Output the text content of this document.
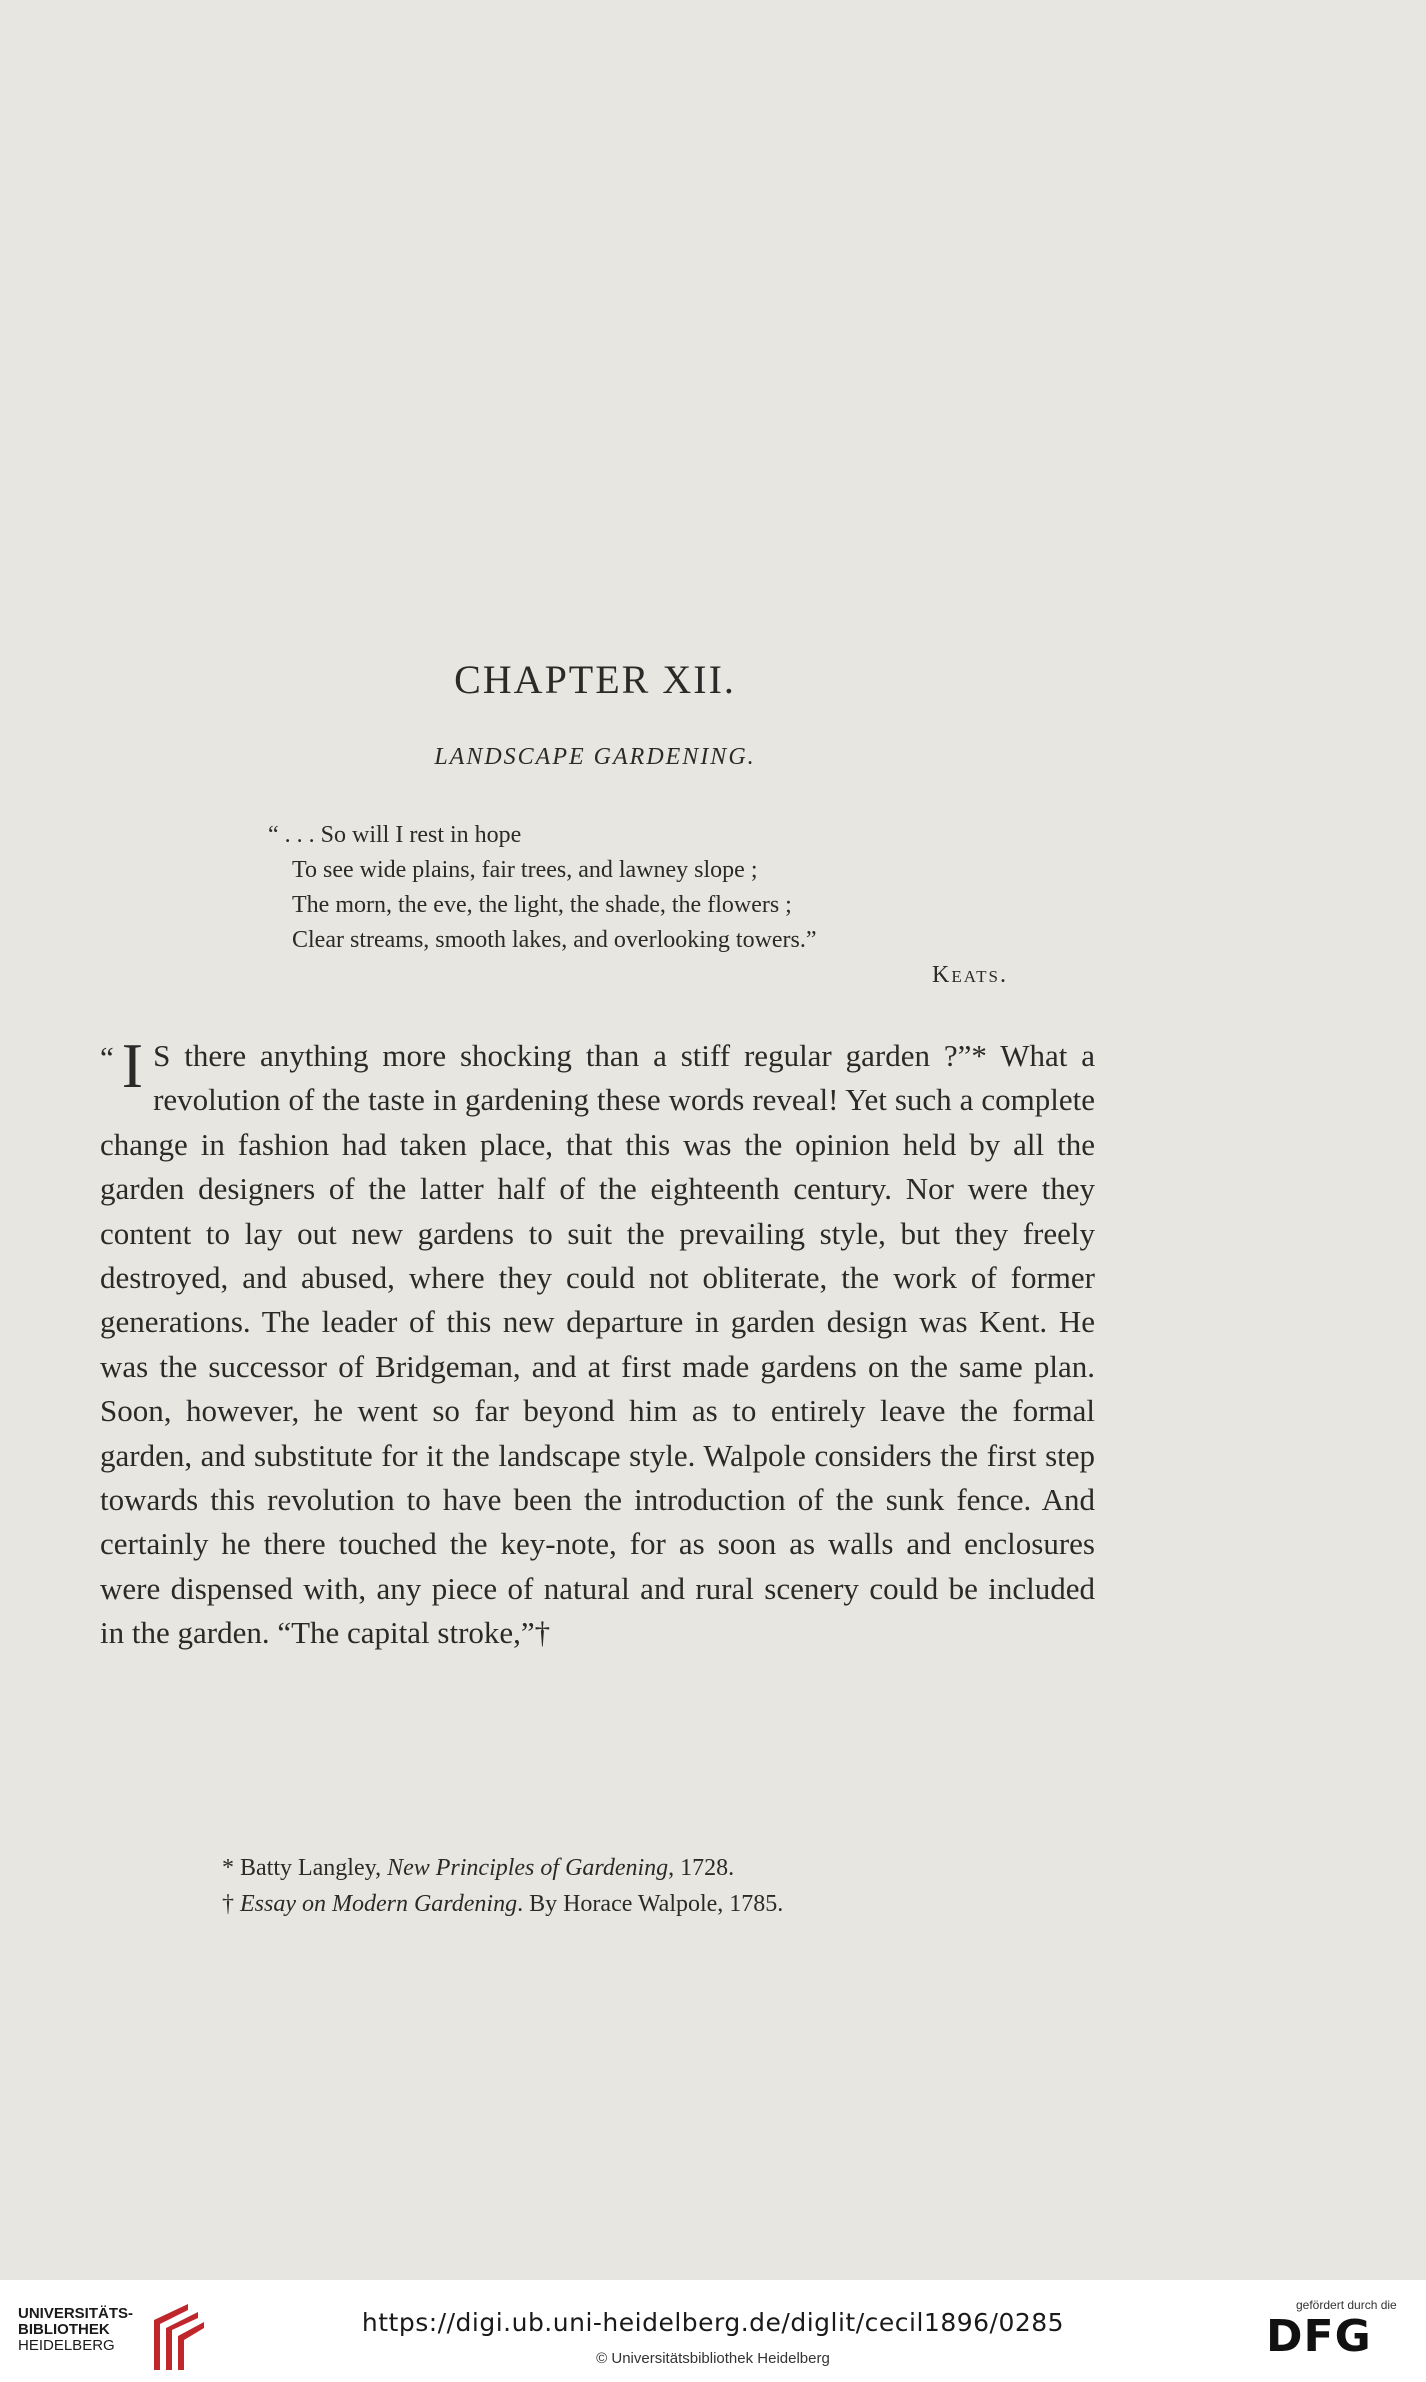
CHAPTER XII.
LANDSCAPE GARDENING.
“ . . . So will I rest in hope
To see wide plains, fair trees, and lawney slope ;
The morn, the eve, the light, the shade, the flowers ;
Clear streams, smooth lakes, and overlooking towers.”
Keats.

“ I S there anything more shocking than a stiff regular garden ?”* What a revolution of the taste in gardening these words reveal! Yet such a complete change in fashion had taken place, that this was the opinion held by all the garden designers of the latter half of the eighteenth century. Nor were they content to lay out new gardens to suit the prevailing style, but they freely destroyed, and abused, where they could not obliterate, the work of former generations. The leader of this new departure in garden design was Kent. He was the successor of Bridgeman, and at first made gardens on the same plan. Soon, however, he went so far beyond him as to entirely leave the formal garden, and substitute for it the landscape style. Walpole considers the first step towards this revolution to have been the introduction of the sunk fence. And certainly he there touched the key-note, for as soon as walls and enclosures were dispensed with, any piece of natural and rural scenery could be included in the garden. “The capital stroke,”†

* Batty Langley, New Principles of Gardening, 1728.
† Essay on Modern Gardening. By Horace Walpole, 1785.
UNIVERSITÄTS-
BIBLIOTHEK
HEIDELBERG
https://digi.ub.uni-heidelberg.de/diglit/cecil1896/0285
© Universitätsbibliothek Heidelberg
gefördert durch die
DFG
